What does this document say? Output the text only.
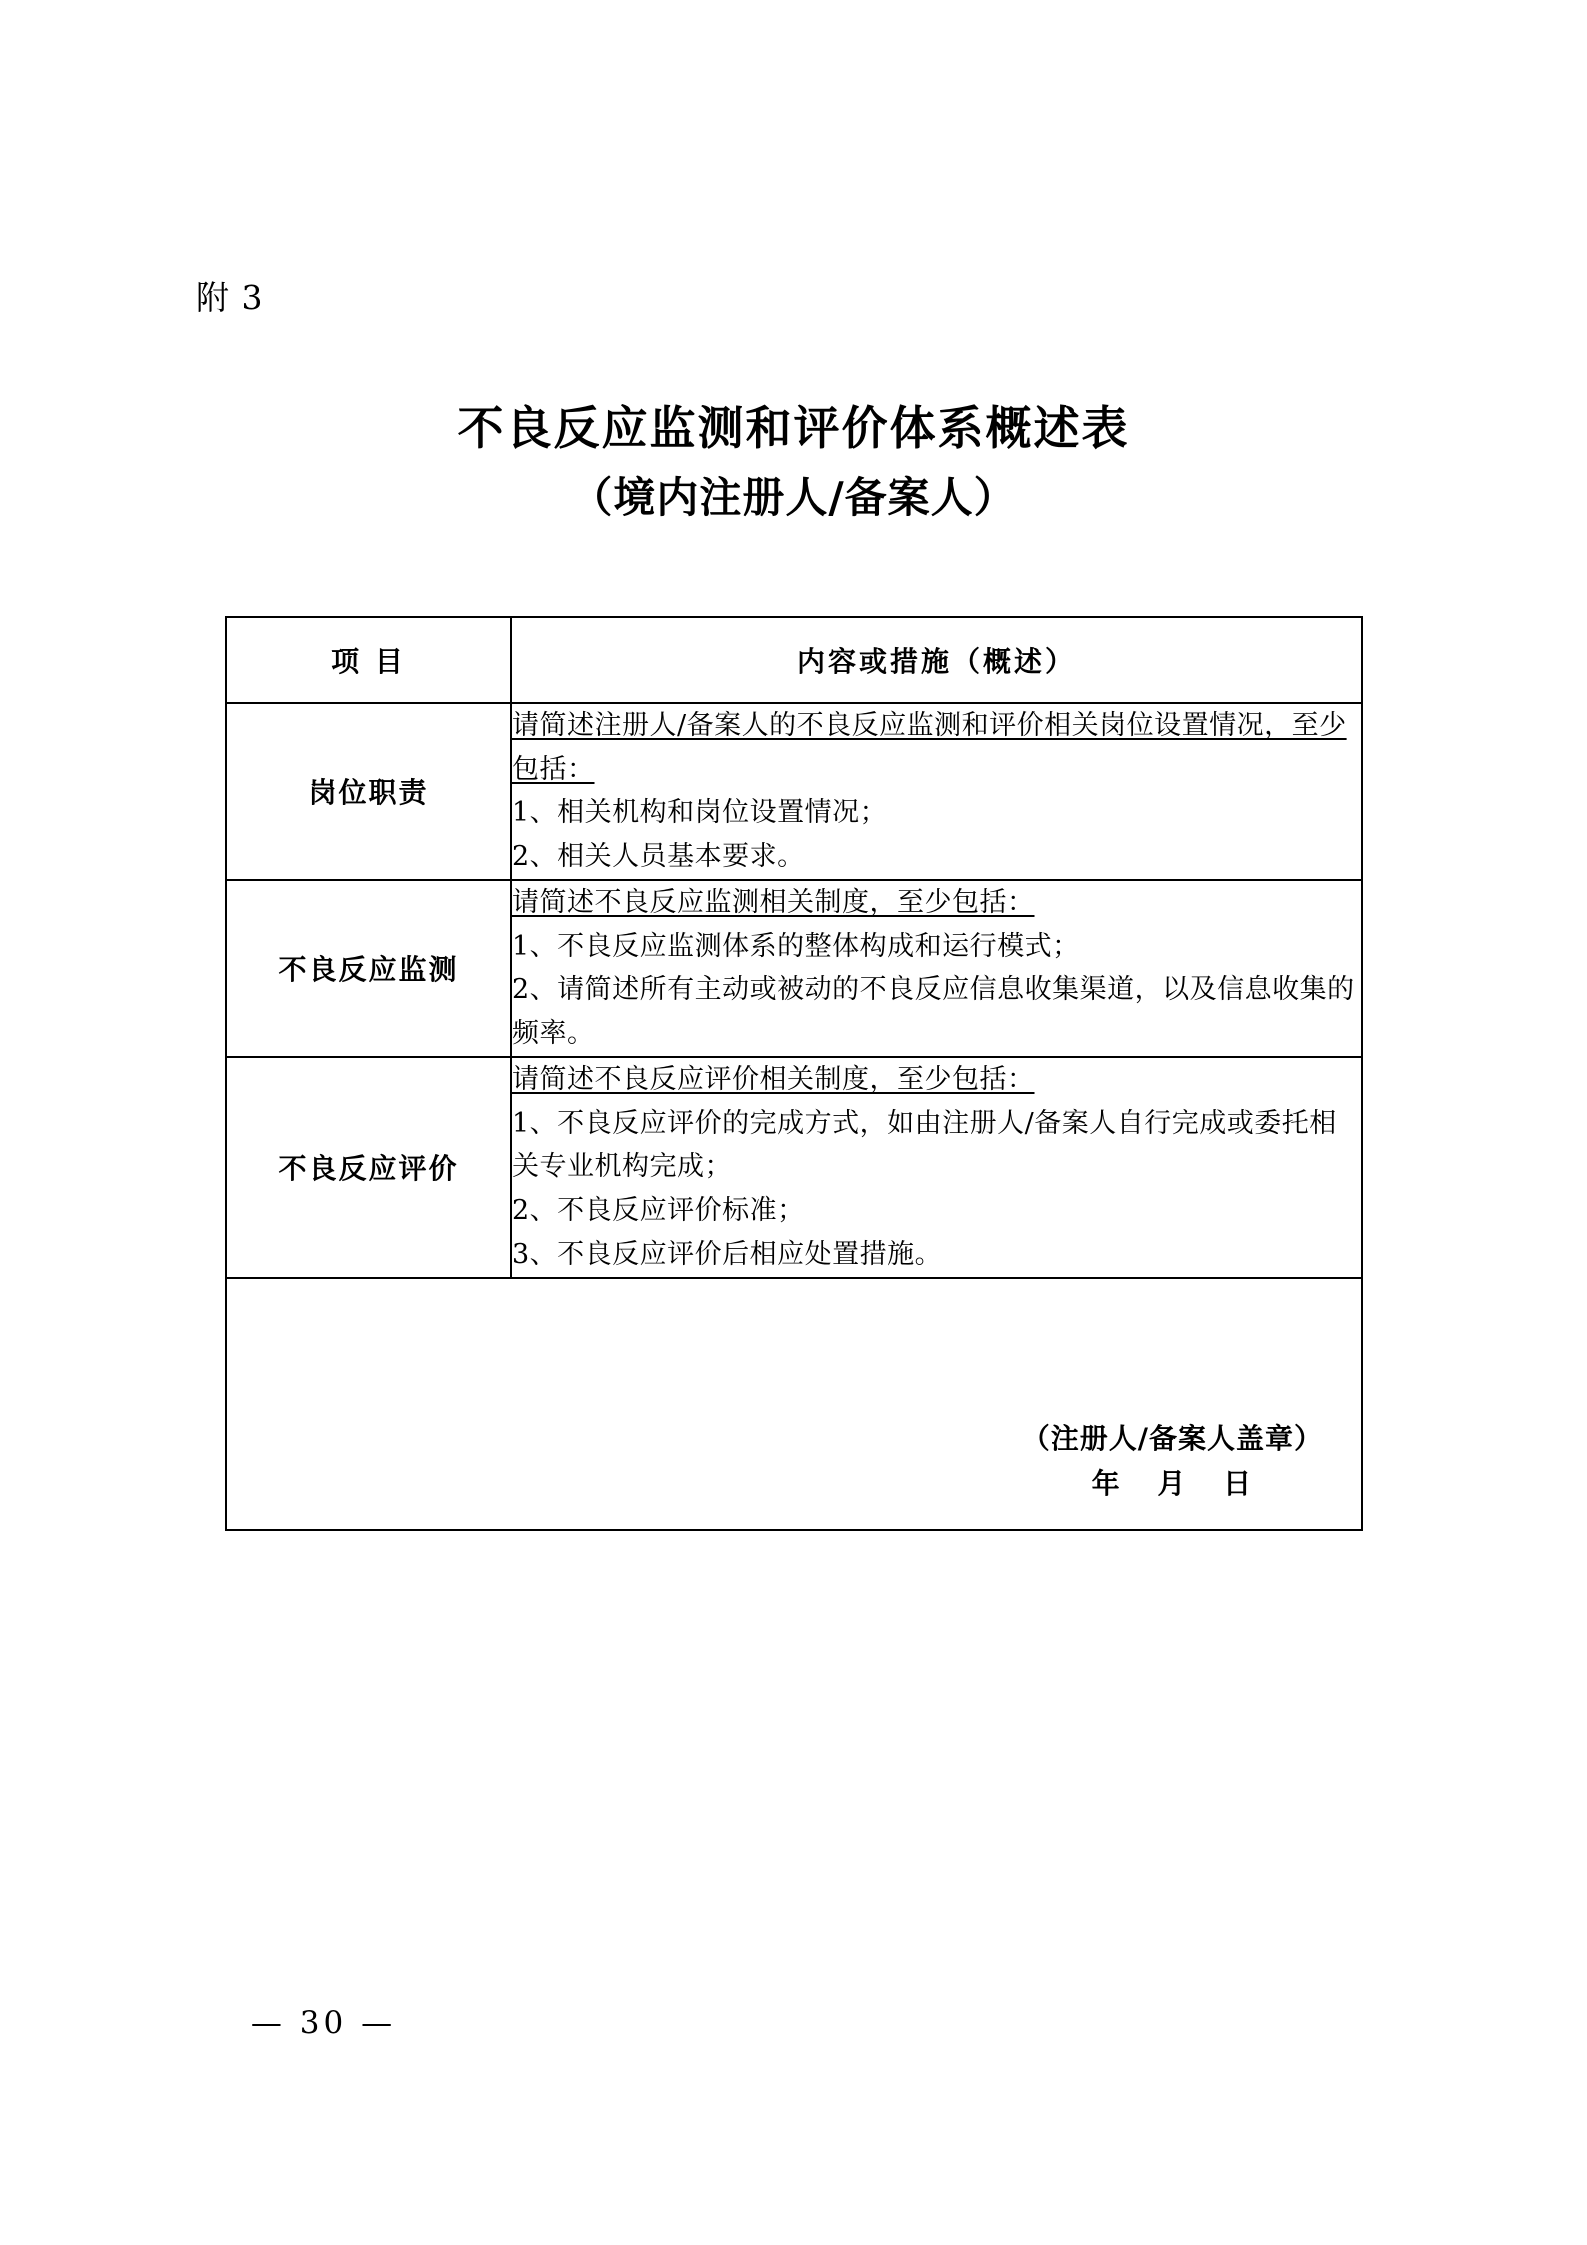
附 3
不良反应监测和评价体系概述表
（境内注册人/备案人）
项 目	内容或措施（概述）
岗位职责	请简述注册人/备案人的不良反应监测和评价相关岗位设置情况，至少包括：
1、相关机构和岗位设置情况；
2、相关人员基本要求。

不良反应监测	请简述不良反应监测相关制度，至少包括：
1、不良反应监测体系的整体构成和运行模式；
2、请简述所有主动或被动的不良反应信息收集渠道，以及信息收集的频率。

不良反应评价	请简述不良反应评价相关制度，至少包括：
1、不良反应评价的完成方式，如由注册人/备案人自行完成或委托相关专业机构完成；
2、不良反应评价标准；
3、不良反应评价后相应处置措施。

（注册人/备案人盖章）
年 月 日	
— 30 —
